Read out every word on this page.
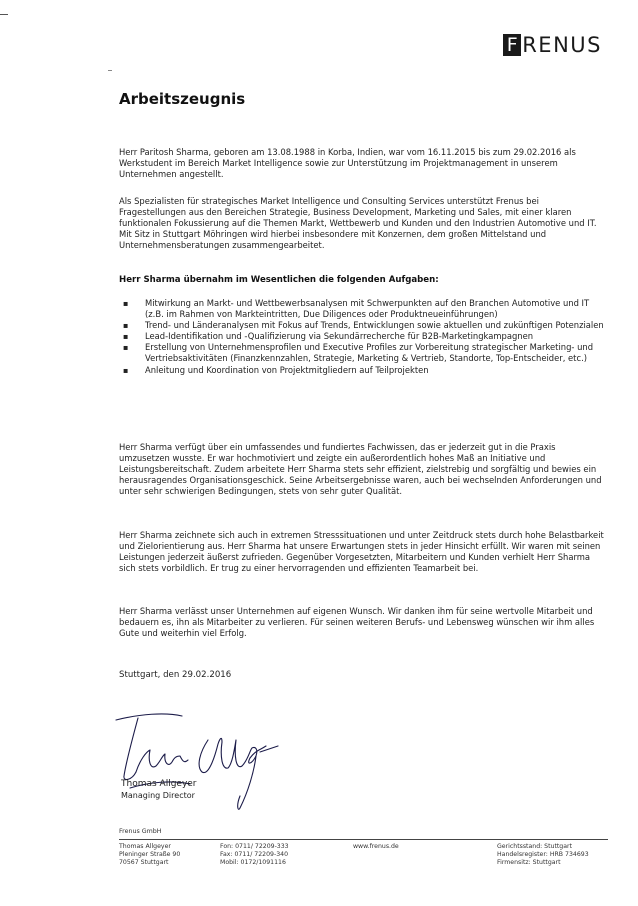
F RENUS
Arbeitszeugnis

Herr Paritosh Sharma, geboren am 13.08.1988 in Korba, Indien, war vom 16.11.2015 bis zum 29.02.2016 als Werkstudent im Bereich Market Intelligence sowie zur Unterstützung im Projektmanagement in unserem Unternehmen angestellt.

Als Spezialisten für strategisches Market Intelligence und Consulting Services unterstützt Frenus bei Fragestellungen aus den Bereichen Strategie, Business Development, Marketing und Sales, mit einer klaren funktionalen Fokussierung auf die Themen Markt, Wettbewerb und Kunden und den Industrien Automotive und IT. Mit Sitz in Stuttgart Möhringen wird hierbei insbesondere mit Konzernen, dem großen Mittelstand und Unternehmensberatungen zusammengearbeitet.

Herr Sharma übernahm im Wesentlichen die folgenden Aufgaben:
▪ Mitwirkung an Markt- und Wettbewerbsanalysen mit Schwerpunkten auf den Branchen Automotive und IT (z.B. im Rahmen von Markteintritten, Due Diligences oder Produktneueinführungen)
▪ Trend- und Länderanalysen mit Fokus auf Trends, Entwicklungen sowie aktuellen und zukünftigen Potenzialen
▪ Lead-Identifikation und -Qualifizierung via Sekundärrecherche für B2B-Marketingkampagnen
▪ Erstellung von Unternehmensprofilen und Executive Profiles zur Vorbereitung strategischer Marketing- und Vertriebsaktivitäten (Finanzkennzahlen, Strategie, Marketing & Vertrieb, Standorte, Top-Entscheider, etc.)
▪ Anleitung und Koordination von Projektmitgliedern auf Teilprojekten

Herr Sharma verfügt über ein umfassendes und fundiertes Fachwissen, das er jederzeit gut in die Praxis umzusetzen wusste. Er war hochmotiviert und zeigte ein außerordentlich hohes Maß an Initiative und Leistungsbereitschaft. Zudem arbeitete Herr Sharma stets sehr effizient, zielstrebig und sorgfältig und bewies ein herausragendes Organisationsgeschick. Seine Arbeitsergebnisse waren, auch bei wechselnden Anforderungen und unter sehr schwierigen Bedingungen, stets von sehr guter Qualität.

Herr Sharma zeichnete sich auch in extremen Stresssituationen und unter Zeitdruck stets durch hohe Belastbarkeit und Zielorientierung aus. Herr Sharma hat unsere Erwartungen stets in jeder Hinsicht erfüllt. Wir waren mit seinen Leistungen jederzeit äußerst zufrieden. Gegenüber Vorgesetzten, Mitarbeitern und Kunden verhielt Herr Sharma sich stets vorbildlich. Er trug zu einer hervorragenden und effizienten Teamarbeit bei.

Herr Sharma verlässt unser Unternehmen auf eigenen Wunsch. Wir danken ihm für seine wertvolle Mitarbeit und bedauern es, ihn als Mitarbeiter zu verlieren. Für seinen weiteren Berufs- und Lebensweg wünschen wir ihm alles Gute und weiterhin viel Erfolg.

Stuttgart, den 29.02.2016
Thomas Allgeyer
Managing Director
Frenus GmbH
Thomas Allgeyer
Pleninger Straße 90
70567 Stuttgart
Fon: 0711/ 72209-333
Fax: 0711/ 72209-340
Mobil: 0172/1091116
www.frenus.de	Gerichtsstand: Stuttgart
Handelsregister: HRB 734693
Firmensitz: Stuttgart
